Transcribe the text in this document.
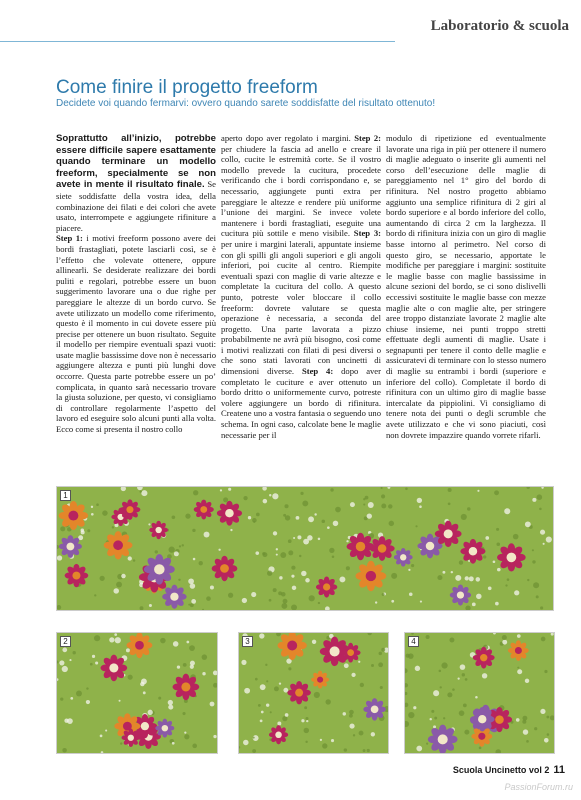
Laboratorio & scuola
Come finire il progetto freeform
Decidete voi quando fermarvi: ovvero quando sarete soddisfatte del risultato ottenuto!

Soprattutto all’inizio, potrebbe essere difficile sapere esattamente quando terminare un modello freeform, specialmente se non avete in mente il risultato finale. Se siete soddisfatte della vostra idea, della combinazione dei filati e dei colori che avete usato, interrompete e aggiungete rifiniture a piacere.

Step 1: i motivi freeform possono avere dei bordi frastagliati, potete lasciarli così, se è l’effetto che volevate ottenere, oppure allinearli. Se desiderate realizzare dei bordi puliti e regolari, potrebbe essere un buon suggerimento lavorare una o due righe per pareggiare le altezze di un bordo curvo. Se avete utilizzato un modello come riferimento, questo è il momento in cui dovete essere più precise per ottenere un buon risultato. Seguite il modello per riempire eventuali spazi vuoti: usate maglie bassissime dove non è necessario aggiungere altezza e punti più lunghi dove occorre. Questa parte potrebbe essere un po’ complicata, in quanto sarà necessario trovare la giusta soluzione, per questo, vi consigliamo di controllare regolarmente l’aspetto del lavoro ed eseguire solo alcuni punti alla volta. Ecco come si presenta il nostro collo

aperto dopo aver regolato i margini. Step 2: per chiudere la fascia ad anello e creare il collo, cucite le estremità corte. Se il vostro modello prevede la cucitura, procedete verificando che i bordi corrispondano e, se necessario, aggiungete punti extra per pareggiare le altezze e rendere più uniforme l’unione dei margini. Se invece volete mantenere i bordi frastagliati, eseguite una cucitura più sottile e meno visibile. Step 3: per unire i margini laterali, appuntate insieme con gli spilli gli angoli superiori e gli angoli inferiori, poi cucite al centro. Riempite eventuali spazi con maglie di varie altezze e completate la cucitura del collo. A questo punto, potreste voler bloccare il collo freeform: dovrete valutare se questa operazione è necessaria, a seconda del progetto. Una parte lavorata a pizzo probabilmente ne avrà più bisogno, così come i motivi realizzati con filati di pesi diversi o che sono stati lavorati con uncinetti di dimensioni diverse. Step 4: dopo aver completato le cuciture e aver ottenuto un bordo dritto o uniformemente curvo, potreste volere aggiungere un bordo di rifinitura. Createne uno a vostra fantasia o seguendo uno schema. In ogni caso, calcolate bene le maglie necessarie per il

modulo di ripetizione ed eventualmente lavorate una riga in più per ottenere il numero di maglie adeguato o inserite gli aumenti nel corso dell’esecuzione delle maglie di pareggiamento nel 1° giro del bordo di rifinitura. Nel nostro progetto abbiamo aggiunto una semplice rifinitura di 2 giri al bordo superiore e al bordo inferiore del collo, aumentando di circa 2 cm la larghezza. Il bordo di rifinitura inizia con un giro di maglie basse intorno al perimetro. Nel corso di questo giro, se necessario, apportate le modifiche per pareggiare i margini: sostituite le maglie basse con maglie bassissime in alcune sezioni del bordo, se ci sono dislivelli eccessivi sostituite le maglie basse con mezze maglie alte o con maglie alte, per stringere aree troppo distanziate lavorate 2 maglie alte chiuse insieme, nei punti troppo stretti effettuate degli aumenti di maglie. Usate i segnapunti per tenere il conto delle maglie e assicuratevi di terminare con lo stesso numero di maglie su entrambi i bordi (superiore e inferiore del collo). Completate il bordo di rifinitura con un ultimo giro di maglie basse intercalate da pippiolini. Vi consigliamo di tenere nota dei punti o degli scrumble che avete utilizzato e che vi sono piaciuti, così non dovrete impazzire quando vorrete rifarli.

1
2	3	4
Scuola Uncinetto vol 2 11
PassionForum.ru
